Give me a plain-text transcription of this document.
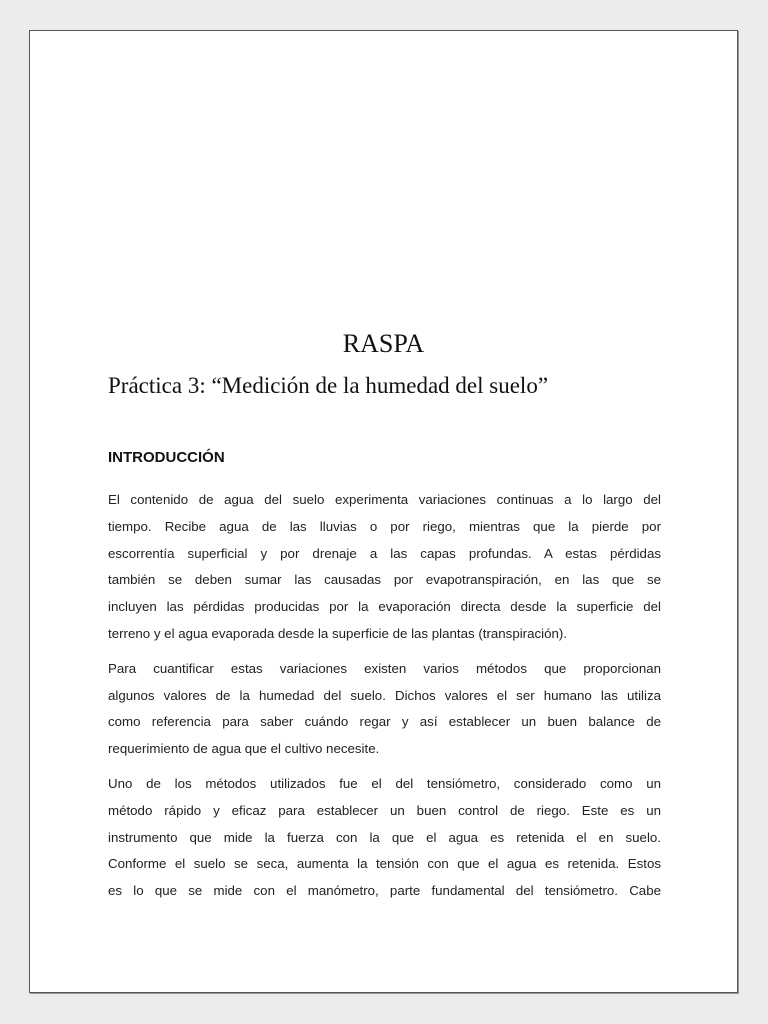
RASPA
Práctica 3: “Medición de la humedad del suelo”
INTRODUCCIÓN

El contenido de agua del suelo experimenta variaciones continuas a lo largo del
tiempo. Recibe agua de las lluvias o por riego, mientras que la pierde por
escorrentía superficial y por drenaje a las capas profundas. A estas pérdidas
también se deben sumar las causadas por evapotranspiración, en las que se
incluyen las pérdidas producidas por la evaporación directa desde la superficie del
terreno y el agua evaporada desde la superficie de las plantas (transpiración).

Para cuantificar estas variaciones existen varios métodos que proporcionan
algunos valores de la humedad del suelo. Dichos valores el ser humano las utiliza
como referencia para saber cuándo regar y así establecer un buen balance de
requerimiento de agua que el cultivo necesite.

Uno de los métodos utilizados fue el del tensiómetro, considerado como un
método rápido y eficaz para establecer un buen control de riego. Este es un
instrumento que mide la fuerza con la que el agua es retenida el en suelo.
Conforme el suelo se seca, aumenta la tensión con que el agua es retenida. Estos
es lo que se mide con el manómetro, parte fundamental del tensiómetro. Cabe
